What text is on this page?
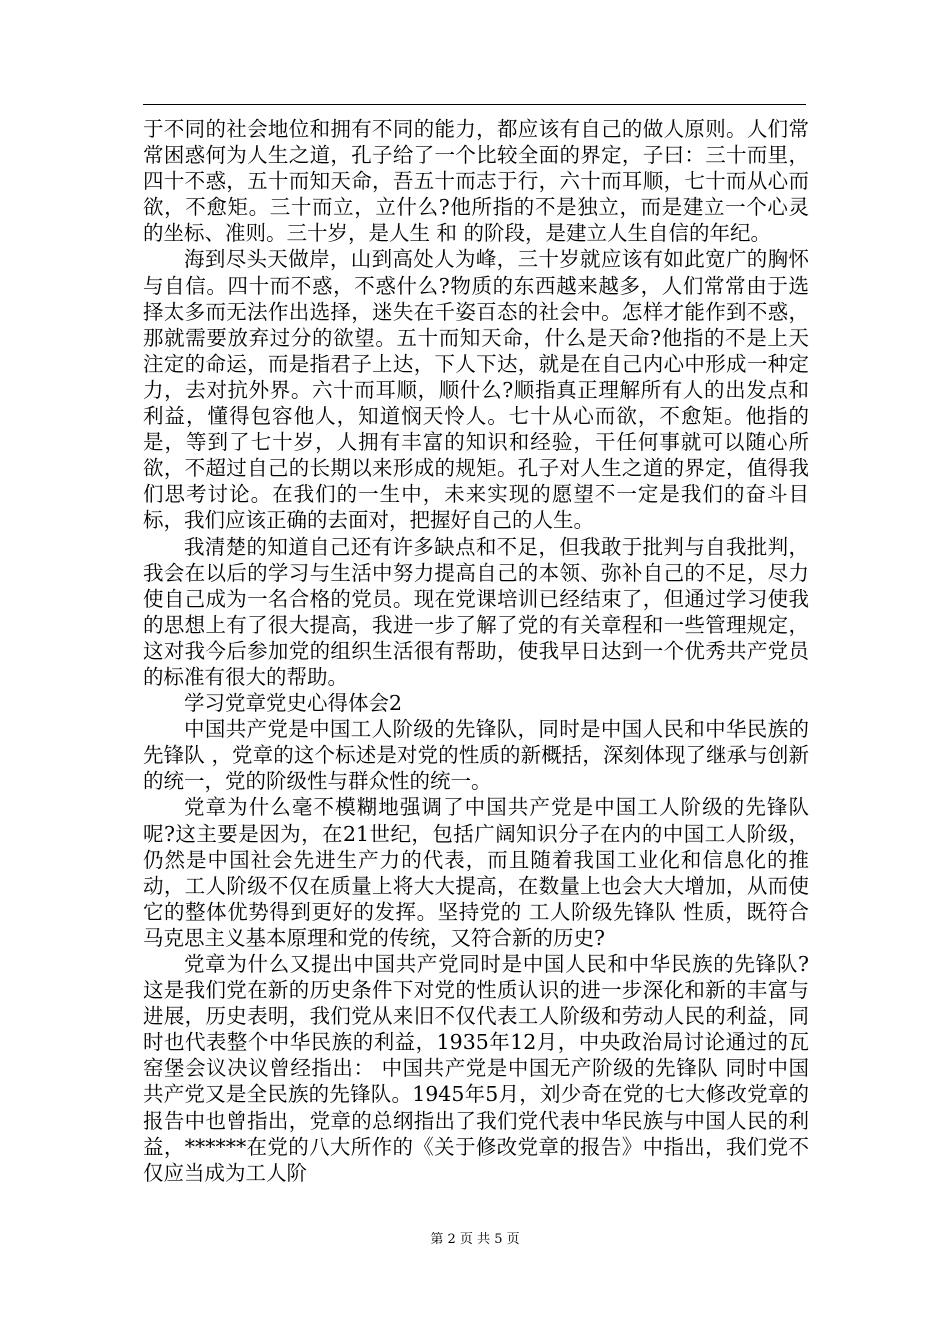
于不同的社会地位和拥有不同的能力，都应该有自己的做人原则。人们常常困惑何为人生之道，孔子给了一个比较全面的界定，子曰：三十而里，四十不惑，五十而知天命，吾五十而志于行，六十而耳顺，七十而从心而欲，不愈矩。三十而立，立什么?他所指的不是独立，而是建立一个心灵的坐标、准则。三十岁，是人生 和 的阶段，是建立人生自信的年纪。

海到尽头天做岸，山到高处人为峰，三十岁就应该有如此宽广的胸怀与自信。四十而不惑，不惑什么?物质的东西越来越多，人们常常由于选择太多而无法作出选择，迷失在千姿百态的社会中。怎样才能作到不惑，那就需要放弃过分的欲望。五十而知天命，什么是天命?他指的不是上天注定的命运，而是指君子上达，下人下达，就是在自己内心中形成一种定力，去对抗外界。六十而耳顺，顺什么?顺指真正理解所有人的出发点和利益，懂得包容他人，知道悯天怜人。七十从心而欲，不愈矩。他指的是，等到了七十岁，人拥有丰富的知识和经验，干任何事就可以随心所欲，不超过自己的长期以来形成的规矩。孔子对人生之道的界定，值得我们思考讨论。在我们的一生中，未来实现的愿望不一定是我们的奋斗目标，我们应该正确的去面对，把握好自己的人生。

我清楚的知道自己还有许多缺点和不足，但我敢于批判与自我批判，我会在以后的学习与生活中努力提高自己的本领、弥补自己的不足，尽力使自己成为一名合格的党员。现在党课培训已经结束了，但通过学习使我的思想上有了很大提高，我进一步了解了党的有关章程和一些管理规定，这对我今后参加党的组织生活很有帮助，使我早日达到一个优秀共产党员的标准有很大的帮助。

学习党章党史心得体会2

中国共产党是中国工人阶级的先锋队，同时是中国人民和中华民族的先锋队 ，党章的这个标述是对党的性质的新概括，深刻体现了继承与创新的统一，党的阶级性与群众性的统一。

党章为什么毫不模糊地强调了中国共产党是中国工人阶级的先锋队呢?这主要是因为，在21世纪，包括广阔知识分子在内的中国工人阶级，仍然是中国社会先进生产力的代表，而且随着我国工业化和信息化的推动，工人阶级不仅在质量上将大大提高，在数量上也会大大增加，从而使它的整体优势得到更好的发挥。坚持党的 工人阶级先锋队 性质，既符合马克思主义基本原理和党的传统，又符合新的历史?

党章为什么又提出中国共产党同时是中国人民和中华民族的先锋队?这是我们党在新的历史条件下对党的性质认识的进一步深化和新的丰富与进展，历史表明，我们党从来旧不仅代表工人阶级和劳动人民的利益，同时也代表整个中华民族的利益，1935年12月，中央政治局讨论通过的瓦窑堡会议决议曾经指出： 中国共产党是中国无产阶级的先锋队 同时中国共产党又是全民族的先锋队。1945年5月，刘少奇在党的七大修改党章的报告中也曾指出，党章的总纲指出了我们党代表中华民族与中国人民的利益，******在党的八大所作的《关于修改党章的报告》中指出，我们党不仅应当成为工人阶

第 2 页 共 5 页
